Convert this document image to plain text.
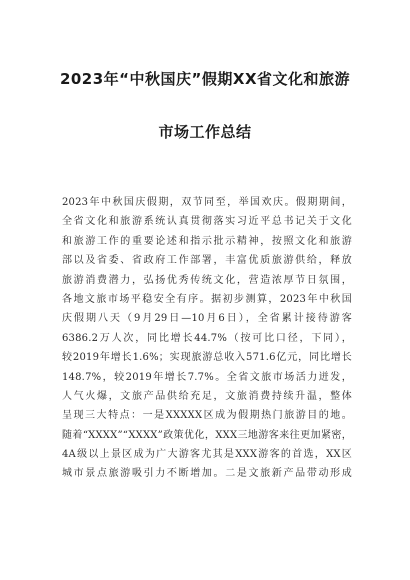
2023年“中秋国庆”假期XX省文化和旅游
市场工作总结
2023年中秋国庆假期，双节同至，举国欢庆。假期期间，
全省文化和旅游系统认真贯彻落实习近平总书记关于文化
和旅游工作的重要论述和指示批示精神，按照文化和旅游
部以及省委、省政府工作部署，丰富优质旅游供给，释放
旅游消费潜力，弘扬优秀传统文化，营造浓厚节日氛围，
各地文旅市场平稳安全有序。据初步测算，2023年中秋国
庆假期八天（9月29日—10月6日），全省累计接待游客
6386.2万人次，同比增长44.7%（按可比口径，下同），
较2019年增长1.6%；实现旅游总收入571.6亿元，同比增长
148.7%，较2019年增长7.7%。全省文旅市场活力迸发，
人气火爆，文旅产品供给充足，文旅消费持续升温，整体
呈现三大特点：一是XXXXX区成为假期热门旅游目的地。
随着“XXXX”“XXXX”政策优化，XXX三地游客来往更加紧密，
4A级以上景区成为广大游客尤其是XXX游客的首选，XX区
城市景点旅游吸引力不断增加。二是文旅新产品带动形成
